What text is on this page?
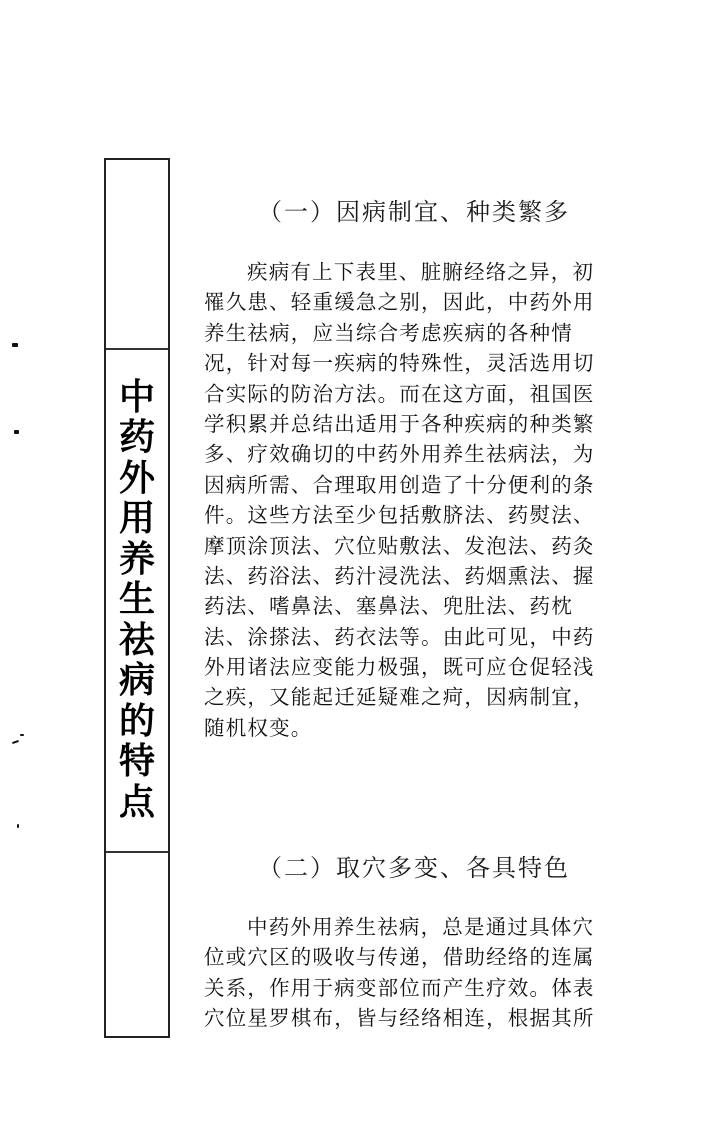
中
药
外
用
养
生
祛
病
的
特
点
（一）因病制宜、种类繁多
疾病有上下表里、脏腑经络之异，初
罹久患、轻重缓急之别，因此，中药外用
养生祛病，应当综合考虑疾病的各种情
况，针对每一疾病的特殊性，灵活选用切
合实际的防治方法。而在这方面，祖国医
学积累并总结出适用于各种疾病的种类繁
多、疗效确切的中药外用养生祛病法，为
因病所需、合理取用创造了十分便利的条
件。这些方法至少包括敷脐法、药熨法、
摩顶涂顶法、穴位贴敷法、发泡法、药灸
法、药浴法、药汁浸洗法、药烟熏法、握
药法、嗜鼻法、塞鼻法、兜肚法、药枕
法、涂搽法、药衣法等。由此可见，中药
外用诸法应变能力极强，既可应仓促轻浅
之疾，又能起迁延疑难之疴，因病制宜，
随机权变。
（二）取穴多变、各具特色
中药外用养生祛病，总是通过具体穴
位或穴区的吸收与传递，借助经络的连属
关系，作用于病变部位而产生疗效。体表
穴位星罗棋布，皆与经络相连，根据其所
